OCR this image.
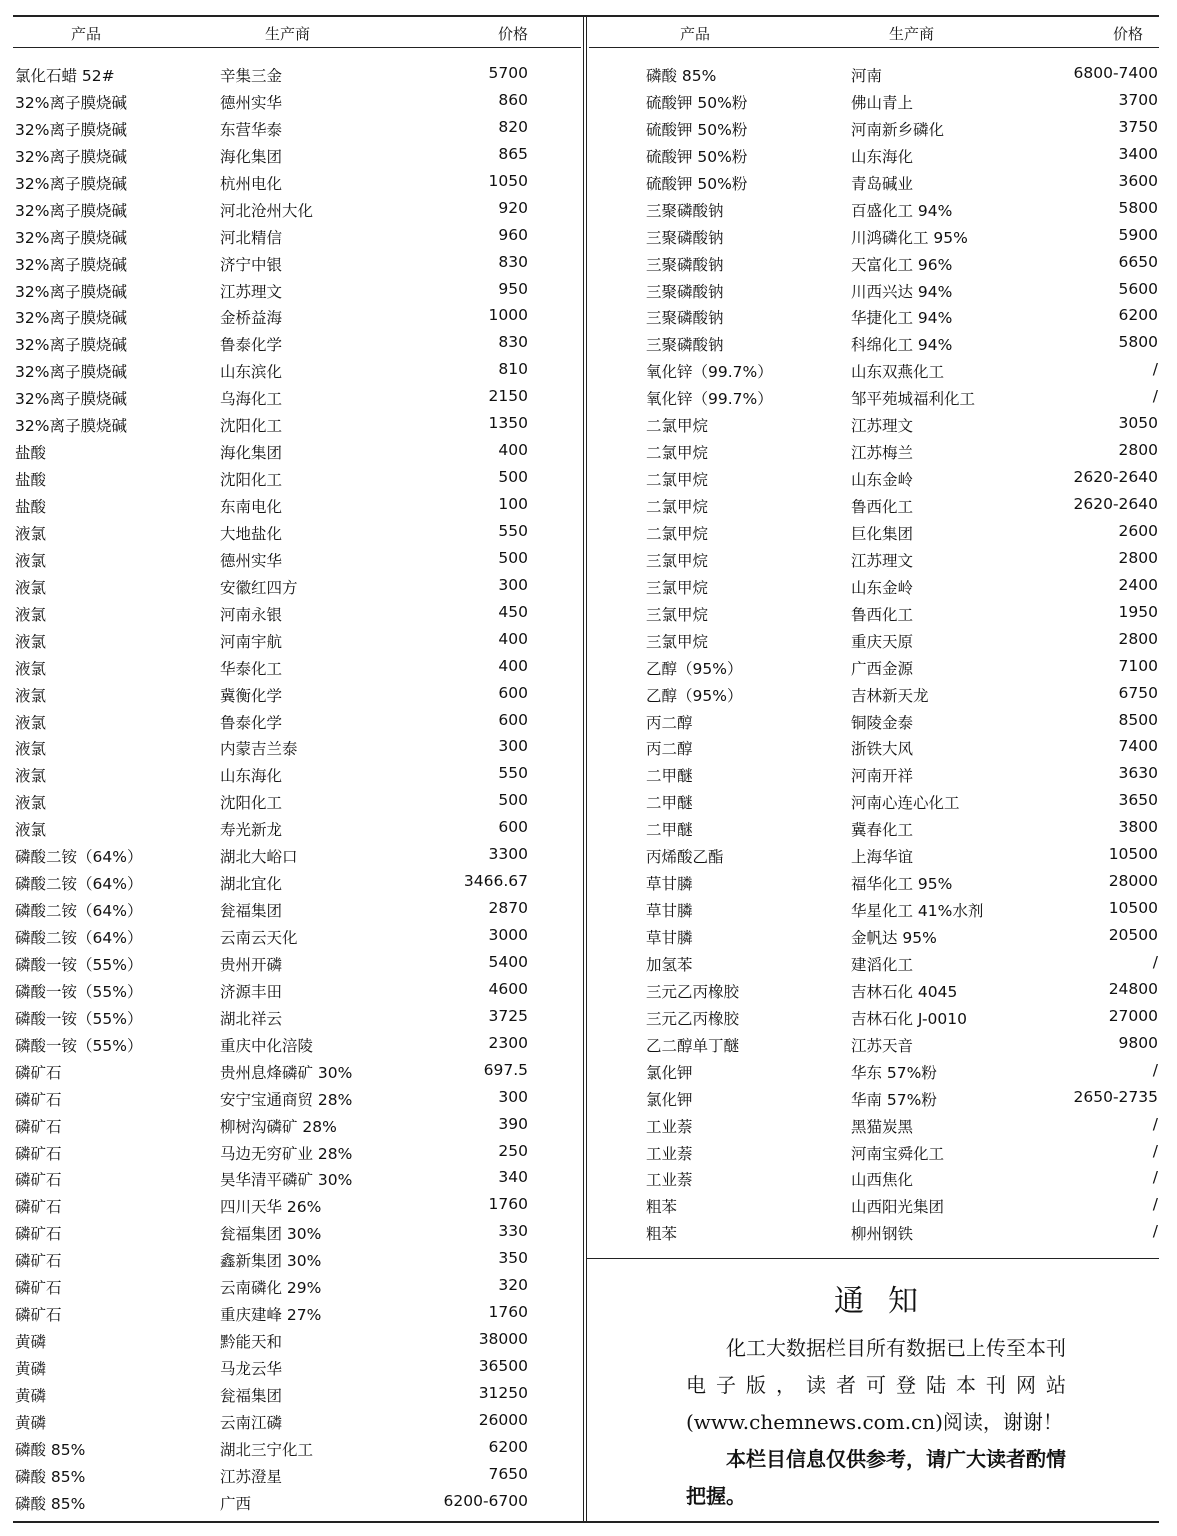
产品	生产商	价格
氯化石蜡 52#	辛集三金	5700
32%离子膜烧碱	德州实华	860
32%离子膜烧碱	东营华泰	820
32%离子膜烧碱	海化集团	865
32%离子膜烧碱	杭州电化	1050
32%离子膜烧碱	河北沧州大化	920
32%离子膜烧碱	河北精信	960
32%离子膜烧碱	济宁中银	830
32%离子膜烧碱	江苏理文	950
32%离子膜烧碱	金桥益海	1000
32%离子膜烧碱	鲁泰化学	830
32%离子膜烧碱	山东滨化	810
32%离子膜烧碱	乌海化工	2150
32%离子膜烧碱	沈阳化工	1350
盐酸	海化集团	400
盐酸	沈阳化工	500
盐酸	东南电化	100
液氯	大地盐化	550
液氯	德州实华	500
液氯	安徽红四方	300
液氯	河南永银	450
液氯	河南宇航	400
液氯	华泰化工	400
液氯	冀衡化学	600
液氯	鲁泰化学	600
液氯	内蒙吉兰泰	300
液氯	山东海化	550
液氯	沈阳化工	500
液氯	寿光新龙	600
磷酸二铵（64%）	湖北大峪口	3300
磷酸二铵（64%）	湖北宜化	3466.67
磷酸二铵（64%）	瓮福集团	2870
磷酸二铵（64%）	云南云天化	3000
磷酸一铵（55%）	贵州开磷	5400
磷酸一铵（55%）	济源丰田	4600
磷酸一铵（55%）	湖北祥云	3725
磷酸一铵（55%）	重庆中化涪陵	2300
磷矿石	贵州息烽磷矿 30%	697.5
磷矿石	安宁宝通商贸 28%	300
磷矿石	柳树沟磷矿 28%	390
磷矿石	马边无穷矿业 28%	250
磷矿石	昊华清平磷矿 30%	340
磷矿石	四川天华 26%	1760
磷矿石	瓮福集团 30%	330
磷矿石	鑫新集团 30%	350
磷矿石	云南磷化 29%	320
磷矿石	重庆建峰 27%	1760
黄磷	黔能天和	38000
黄磷	马龙云华	36500
黄磷	瓮福集团	31250
黄磷	云南江磷	26000
磷酸 85%	湖北三宁化工	6200
磷酸 85%	江苏澄星	7650
磷酸 85%	广西	6200-6700
产品	生产商	价格
磷酸 85%	河南	6800-7400
硫酸钾 50%粉	佛山青上	3700
硫酸钾 50%粉	河南新乡磷化	3750
硫酸钾 50%粉	山东海化	3400
硫酸钾 50%粉	青岛碱业	3600
三聚磷酸钠	百盛化工 94%	5800
三聚磷酸钠	川鸿磷化工 95%	5900
三聚磷酸钠	天富化工 96%	6650
三聚磷酸钠	川西兴达 94%	5600
三聚磷酸钠	华捷化工 94%	6200
三聚磷酸钠	科绵化工 94%	5800
氧化锌（99.7%）	山东双燕化工	/
氧化锌（99.7%）	邹平苑城福利化工	/
二氯甲烷	江苏理文	3050
二氯甲烷	江苏梅兰	2800
二氯甲烷	山东金岭	2620-2640
二氯甲烷	鲁西化工	2620-2640
二氯甲烷	巨化集团	2600
三氯甲烷	江苏理文	2800
三氯甲烷	山东金岭	2400
三氯甲烷	鲁西化工	1950
三氯甲烷	重庆天原	2800
乙醇（95%）	广西金源	7100
乙醇（95%）	吉林新天龙	6750
丙二醇	铜陵金泰	8500
丙二醇	浙铁大风	7400
二甲醚	河南开祥	3630
二甲醚	河南心连心化工	3650
二甲醚	冀春化工	3800
丙烯酸乙酯	上海华谊	10500
草甘膦	福华化工 95%	28000
草甘膦	华星化工 41%水剂	10500
草甘膦	金帆达 95%	20500
加氢苯	建滔化工	/
三元乙丙橡胶	吉林石化 4045	24800
三元乙丙橡胶	吉林石化 J-0010	27000
乙二醇单丁醚	江苏天音	9800
氯化钾	华东 57%粉	/
氯化钾	华南 57%粉	2650-2735
工业萘	黑猫炭黑	/
工业萘	河南宝舜化工	/
工业萘	山西焦化	/
粗苯	山西阳光集团	/
粗苯	柳州钢铁	/
通知

化工大数据栏目所有数据已上传至本刊电子版，读者可登陆本刊网站(www.chemnews.com.cn)阅读，谢谢！

本栏目信息仅供参考，请广大读者酌情把握。
